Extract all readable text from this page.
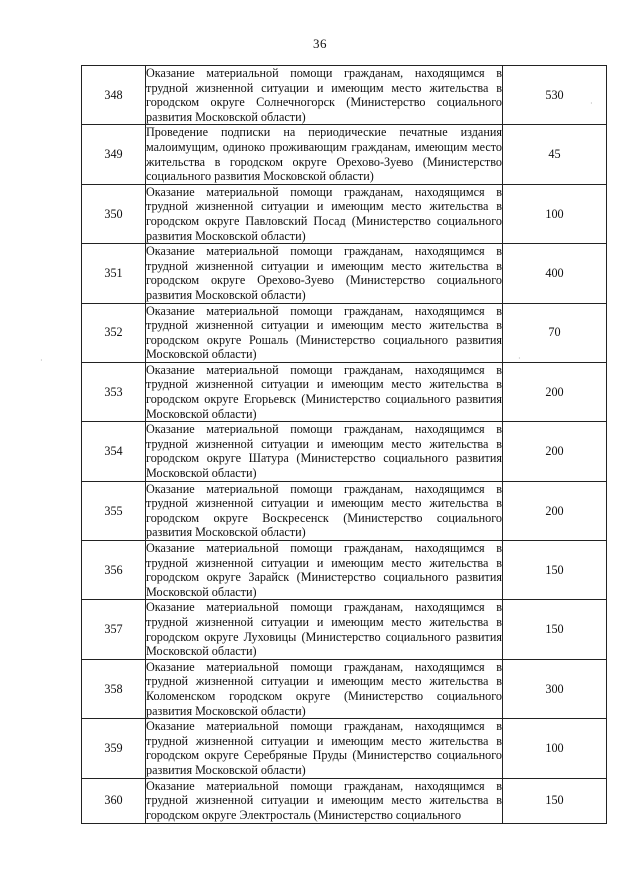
36
348	Оказание материальной помощи гражданам, находящимся в трудной жизненной ситуации и имеющим место жительства в городском округе Солнечногорск (Министерство социального развития Московской области)	530
349	Проведение подписки на периодические печатные издания малоимущим, одиноко проживающим гражданам, имеющим место жительства в городском округе Орехово-Зуево (Министерство социального развития Московской области)	45
350	Оказание материальной помощи гражданам, находящимся в трудной жизненной ситуации и имеющим место жительства в городском округе Павловский Посад (Министерство социального развития Московской области)	100
351	Оказание материальной помощи гражданам, находящимся в трудной жизненной ситуации и имеющим место жительства в городском округе Орехово-Зуево (Министерство социального развития Московской области)	400
352	Оказание материальной помощи гражданам, находящимся в трудной жизненной ситуации и имеющим место жительства в городском округе Рошаль (Министерство социального развития Московской области)	70
353	Оказание материальной помощи гражданам, находящимся в трудной жизненной ситуации и имеющим место жительства в городском округе Егорьевск (Министерство социального развития Московской области)	200
354	Оказание материальной помощи гражданам, находящимся в трудной жизненной ситуации и имеющим место жительства в городском округе Шатура (Министерство социального развития Московской области)	200
355	Оказание материальной помощи гражданам, находящимся в трудной жизненной ситуации и имеющим место жительства в городском округе Воскресенск (Министерство социального развития Московской области)	200
356	Оказание материальной помощи гражданам, находящимся в трудной жизненной ситуации и имеющим место жительства в городском округе Зарайск (Министерство социального развития Московской области)	150
357	Оказание материальной помощи гражданам, находящимся в трудной жизненной ситуации и имеющим место жительства в городском округе Луховицы (Министерство социального развития Московской области)	150
358	Оказание материальной помощи гражданам, находящимся в трудной жизненной ситуации и имеющим место жительства в Коломенском городском округе (Министерство социального развития Московской области)	300
359	Оказание материальной помощи гражданам, находящимся в трудной жизненной ситуации и имеющим место жительства в городском округе Серебряные Пруды (Министерство социального развития Московской области)	100
360	Оказание материальной помощи гражданам, находящимся в трудной жизненной ситуации и имеющим место жительства в городском округе Электросталь (Министерство социального	150
·	·
·
